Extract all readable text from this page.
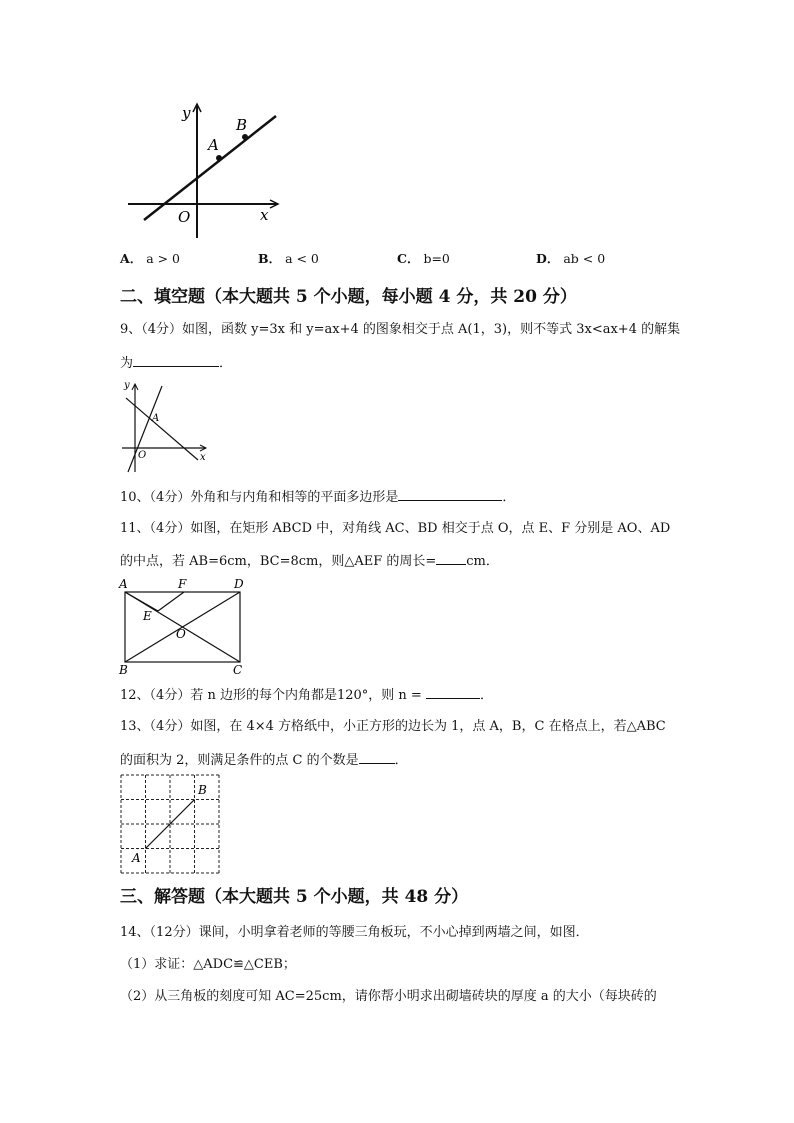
y
x
O
A
B
A． a > 0	B． a < 0	C． b=0	D． ab < 0
二、填空题（本大题共 5 个小题，每小题 4 分，共 20 分）
9、（4分）如图，函数 y=3x 和 y=ax+4 的图象相交于点 A(1，3)，则不等式 3x<ax+4 的解集
为	．
y
x
O
A
10、（4分）外角和与内角和相等的平面多边形是	．
11、（4分）如图，在矩形 ABCD 中，对角线 AC、BD 相交于点 O，点 E、F 分别是 AO、AD
的中点，若 AB=6cm，BC=8cm，则△AEF 的周长= cm．
A	F	D
E
O
B	C
12、（4分）若 n 边形的每个内角都是120°，则 n =	．
13、（4分）如图，在 4×4 方格纸中，小正方形的边长为 1，点 A，B，C 在格点上，若△ABC
的面积为 2，则满足条件的点 C 的个数是	．
A
B
三、解答题（本大题共 5 个小题，共 48 分）
14、（12分）课间，小明拿着老师的等腰三角板玩，不小心掉到两墙之间，如图．
（1）求证：△ADC≌△CEB；
（2）从三角板的刻度可知 AC=25cm，请你帮小明求出砌墙砖块的厚度 a 的大小（每块砖的
